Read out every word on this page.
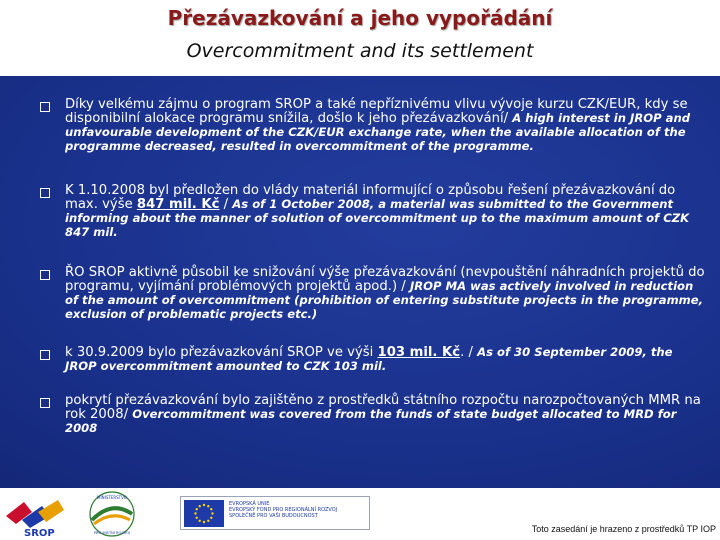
Přezávazkování a jeho vypořádání
Overcommitment and its settlement
Díky velkému zájmu o program SROP a také nepříznivému vlivu vývoje kurzu CZK/EUR, kdy se disponibilní alokace programu snížila, došlo k jeho přezávazkování/ A high interest in JROP and unfavourable development of the CZK/EUR exchange rate, when the available allocation of the programme decreased, resulted in overcommitment of the programme.
K 1.10.2008 byl předložen do vlády materiál informující o způsobu řešení přezávazkování do max. výše 847 mil. Kč / As of 1 October 2008, a material was submitted to the Government informing about the manner of solution of overcommitment up to the maximum amount of CZK 847 mil.
ŘO SROP aktivně působil ke snižování výše přezávazkování (nevpouštění náhradních projektů do programu, vyjímání problémových projektů apod.) / JROP MA was actively involved in reduction of the amount of overcommitment (prohibition of entering substitute projects in the programme, exclusion of problematic projects etc.)
k 30.9.2009 bylo přezávazkování SROP ve výši 103 mil. Kč. / As of 30 September 2009, the JROP overcommitment amounted to CZK 103 mil.
pokrytí přezávazkování bylo zajištěno z prostředků státního rozpočtu narozpočtovaných MMR na rok 2008/ Overcommitment was covered from the funds of state budget allocated to MRD for 2008
SROP
MINISTERSTVO
PRO MÍSTNÍ ROZVOJ
EVROPSKÁ UNIE
EVROPSKÝ FOND PRO REGIONÁLNÍ ROZVOJ
SPOLEČNĚ PRO VAŠI BUDOUCNOST
Toto zasedání je hrazeno z prostředků TP IOP
